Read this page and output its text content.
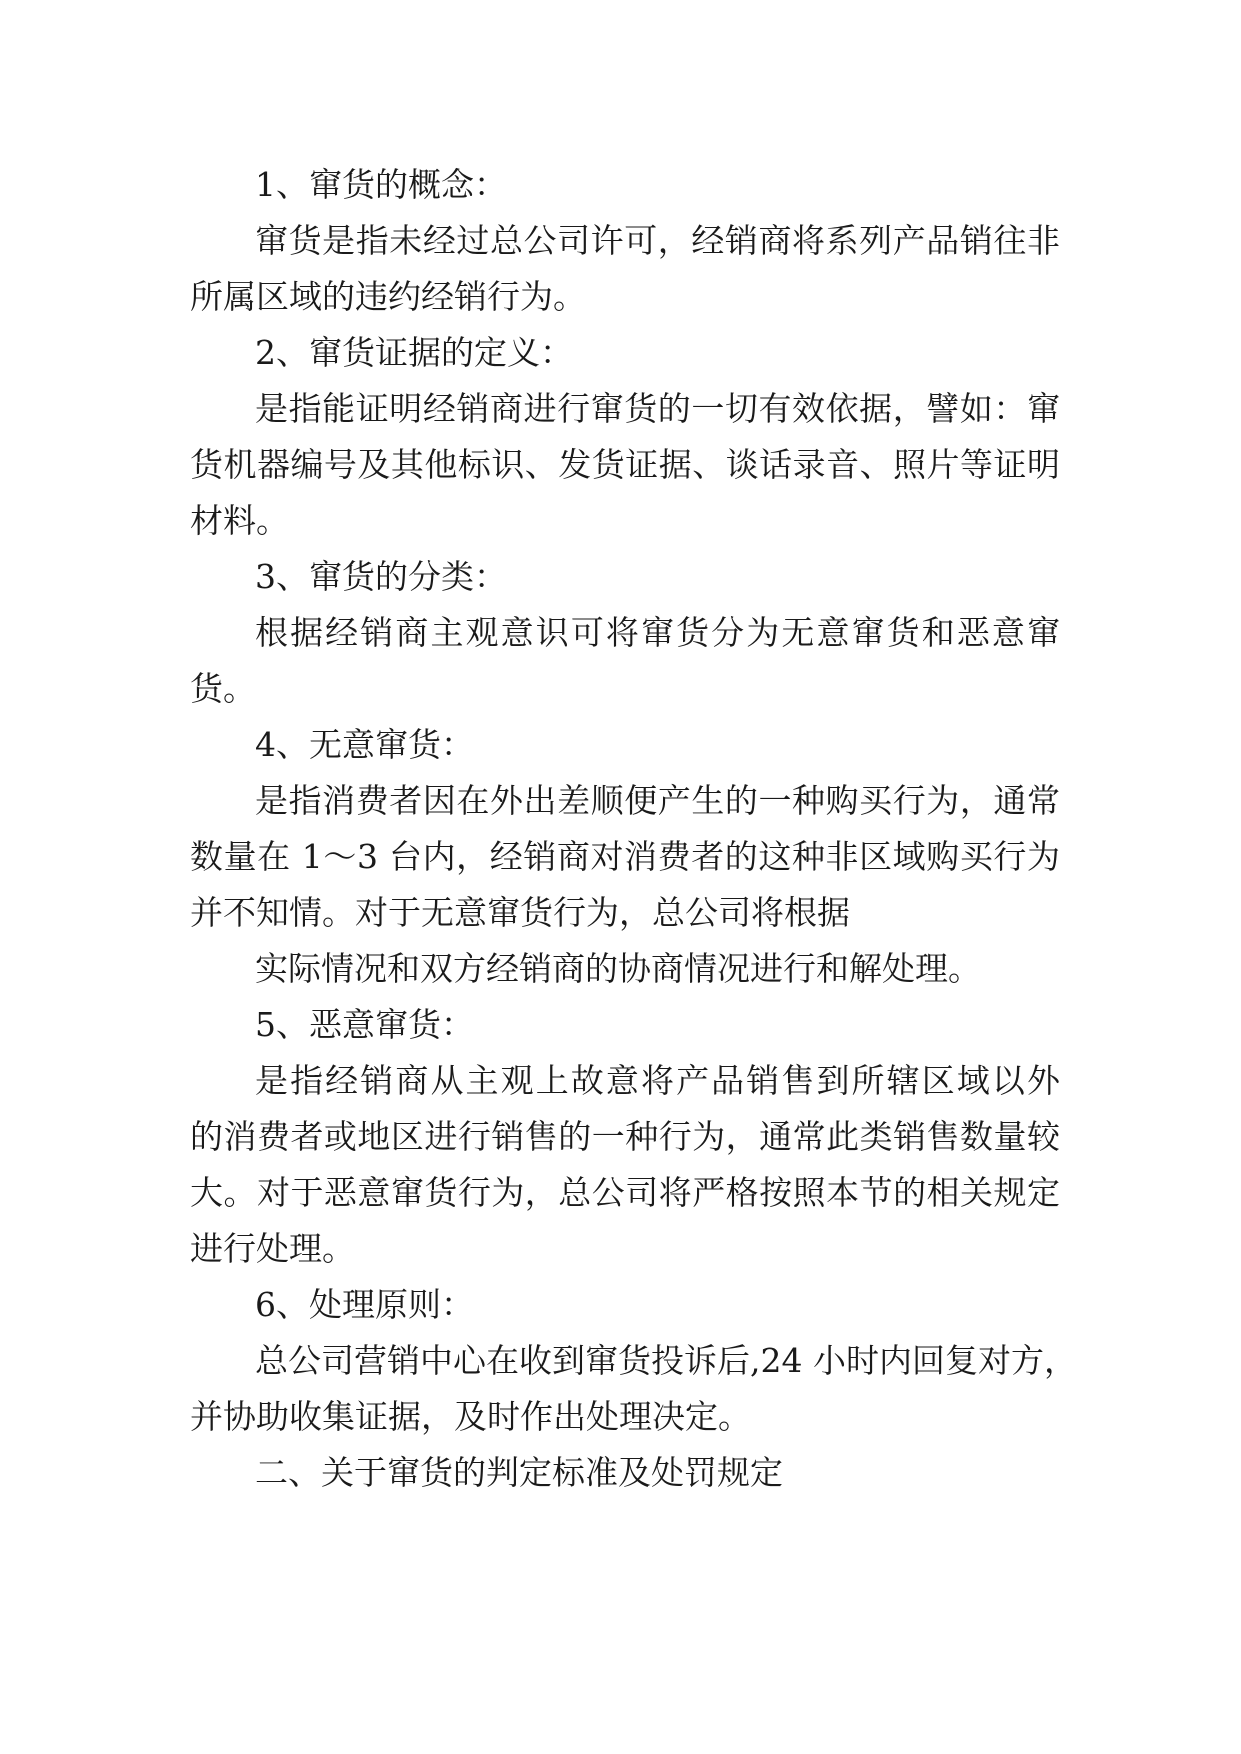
1、窜货的概念：
窜货是指未经过总公司许可，经销商将系列产品销往非
所属区域的违约经销行为。
2、窜货证据的定义：
是指能证明经销商进行窜货的一切有效依据，譬如：窜
货机器编号及其他标识、发货证据、谈话录音、照片等证明
材料。
3、窜货的分类：
根据经销商主观意识可将窜货分为无意窜货和恶意窜
货。
4、无意窜货：
是指消费者因在外出差顺便产生的一种购买行为，通常
数量在 1～3 台内，经销商对消费者的这种非区域购买行为
并不知情。对于无意窜货行为，总公司将根据
实际情况和双方经销商的协商情况进行和解处理。
5、恶意窜货：
是指经销商从主观上故意将产品销售到所辖区域以外
的消费者或地区进行销售的一种行为，通常此类销售数量较
大。对于恶意窜货行为，总公司将严格按照本节的相关规定
进行处理。
6、处理原则：
总公司营销中心在收到窜货投诉后,24 小时内回复对方，
并协助收集证据，及时作出处理决定。
二、关于窜货的判定标准及处罚规定
